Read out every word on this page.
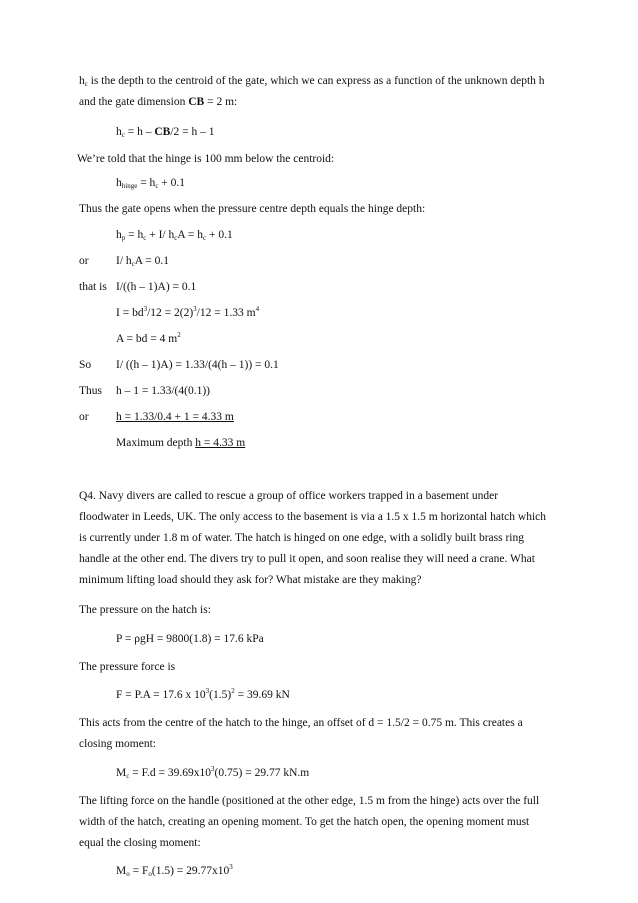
$h_c$ is the depth to the centroid of the gate, which we can express as a function of the unknown depth h
and the gate dimension CB = 2 m:
$h_c = h - CB/2 = h - 1$
We’re told that the hinge is 100 mm below the centroid:
$h_{hinge} = h_c + 0.1$
Thus the gate opens when the pressure centre depth equals the hinge depth:
$h_p = h_c + I/$ $h_cA = h_c + 0.1$
or I/ $h_cA = 0.1$
that is I/((h – 1)A) = 0.1
$I = bd^3/12 = 2(2)^3/12 = 1.33$ $m^4$
A = bd = 4 $m^2$
So I/ ((h – 1)A) = 1.33/(4(h – 1)) = 0.1
Thus h – 1 = 1.33/(4(0.1))
or h = 1.33/0.4 + 1 = 4.33 m
Maximum depth h = 4.33 m
Q4. Navy divers are called to rescue a group of office workers trapped in a basement under
floodwater in Leeds, UK. The only access to the basement is via a 1.5 x 1.5 m horizontal hatch which
is currently under 1.8 m of water. The hatch is hinged on one edge, with a solidly built brass ring
handle at the other end. The divers try to pull it open, and soon realise they will need a crane. What
minimum lifting load should they ask for? What mistake are they making?
The pressure on the hatch is:
P = ρgH = 9800(1.8) = 17.6 kPa
The pressure force is
F = P.A = 17.6 x $10^3(1.5)^2 = 39.69$ kN
This acts from the centre of the hatch to the hinge, an offset of d = 1.5/2 = 0.75 m. This creates a
closing moment:
$M_c = F.d = 39.69x10^3(0.75) = 29.77$ kN.m
The lifting force on the handle (positioned at the other edge, 1.5 m from the hinge) acts over the full
width of the hatch, creating an opening moment. To get the hatch open, the opening moment must
equal the closing moment:
$M_o = F_o(1.5) = 29.77x10^3$
